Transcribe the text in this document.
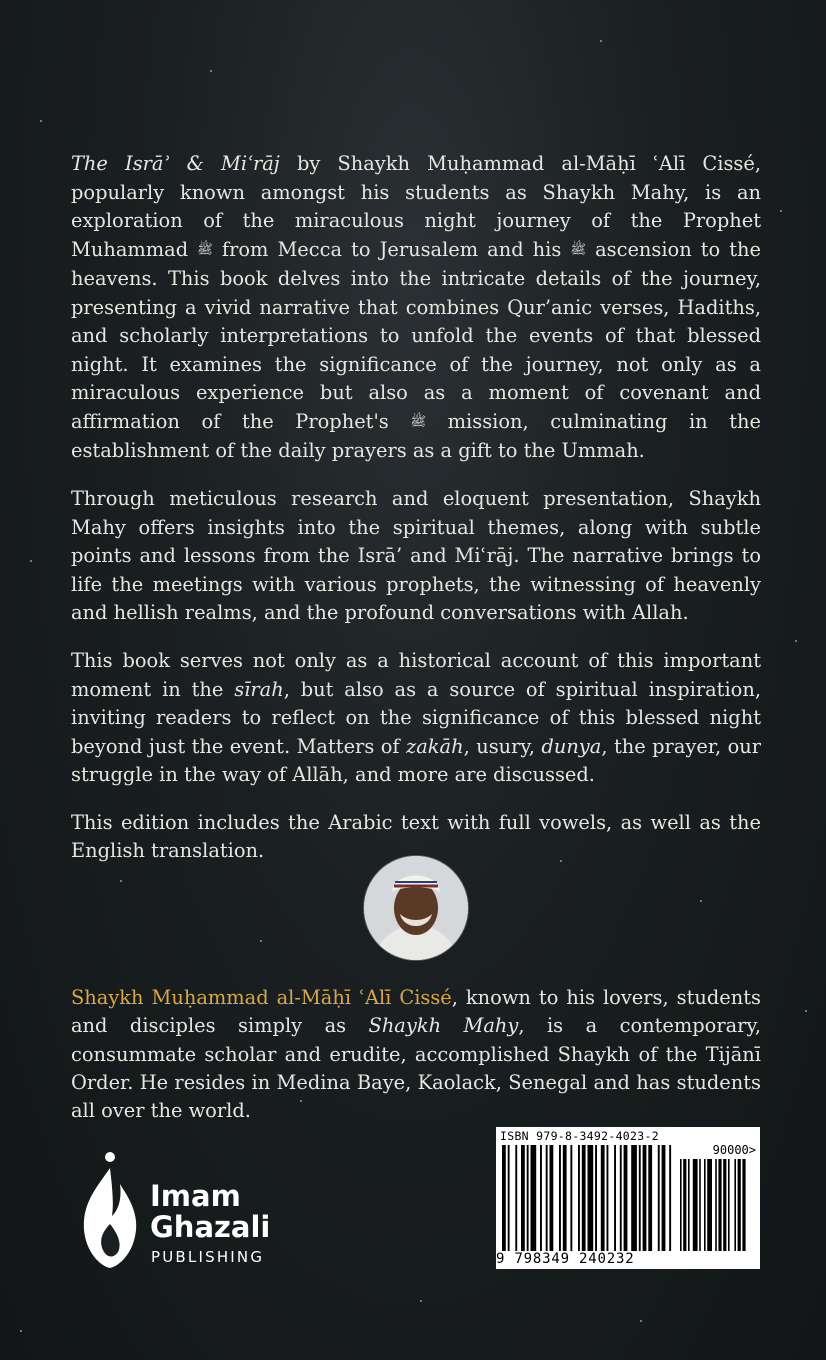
The Isrāʾ & Miʿrāj by Shaykh Muḥammad al-Māḥī ʿAlī Cissé, popularly known amongst his students as Shaykh Mahy, is an exploration of the miraculous night journey of the Prophet Muhammad ﷺ from Mecca to Jerusalem and his ﷺ ascension to the heavens. This book delves into the intricate details of the journey, presenting a vivid narrative that combines Qur’anic verses, Hadiths, and scholarly interpretations to unfold the events of that blessed night. It examines the significance of the journey, not only as a miraculous experience but also as a moment of covenant and affirmation of the Prophet's ﷺ mission, culminating in the establishment of the daily prayers as a gift to the Ummah.

Through meticulous research and eloquent presentation, Shaykh Mahy offers insights into the spiritual themes, along with subtle points and lessons from the Isrā’ and Miʿrāj. The narrative brings to life the meetings with various prophets, the witnessing of heavenly and hellish realms, and the profound conversations with Allah.

This book serves not only as a historical account of this important moment in the sīrah, but also as a source of spiritual inspiration, inviting readers to reflect on the significance of this blessed night beyond just the event. Matters of zakāh, usury, dunya, the prayer, our struggle in the way of Allāh, and more are discussed.

This edition includes the Arabic text with full vowels, as well as the English translation.

Shaykh Muḥammad al-Māḥī ʿAlī Cissé, known to his lovers, students and disciples simply as Shaykh Mahy, is a contemporary, consummate scholar and erudite, accomplished Shaykh of the Tijānī Order. He resides in Medina Baye, Kaolack, Senegal and has students all over the world.
Imam
Ghazali
PUBLISHING
ISBN 979-8-3492-4023-2
90000>
9 798349 240232
